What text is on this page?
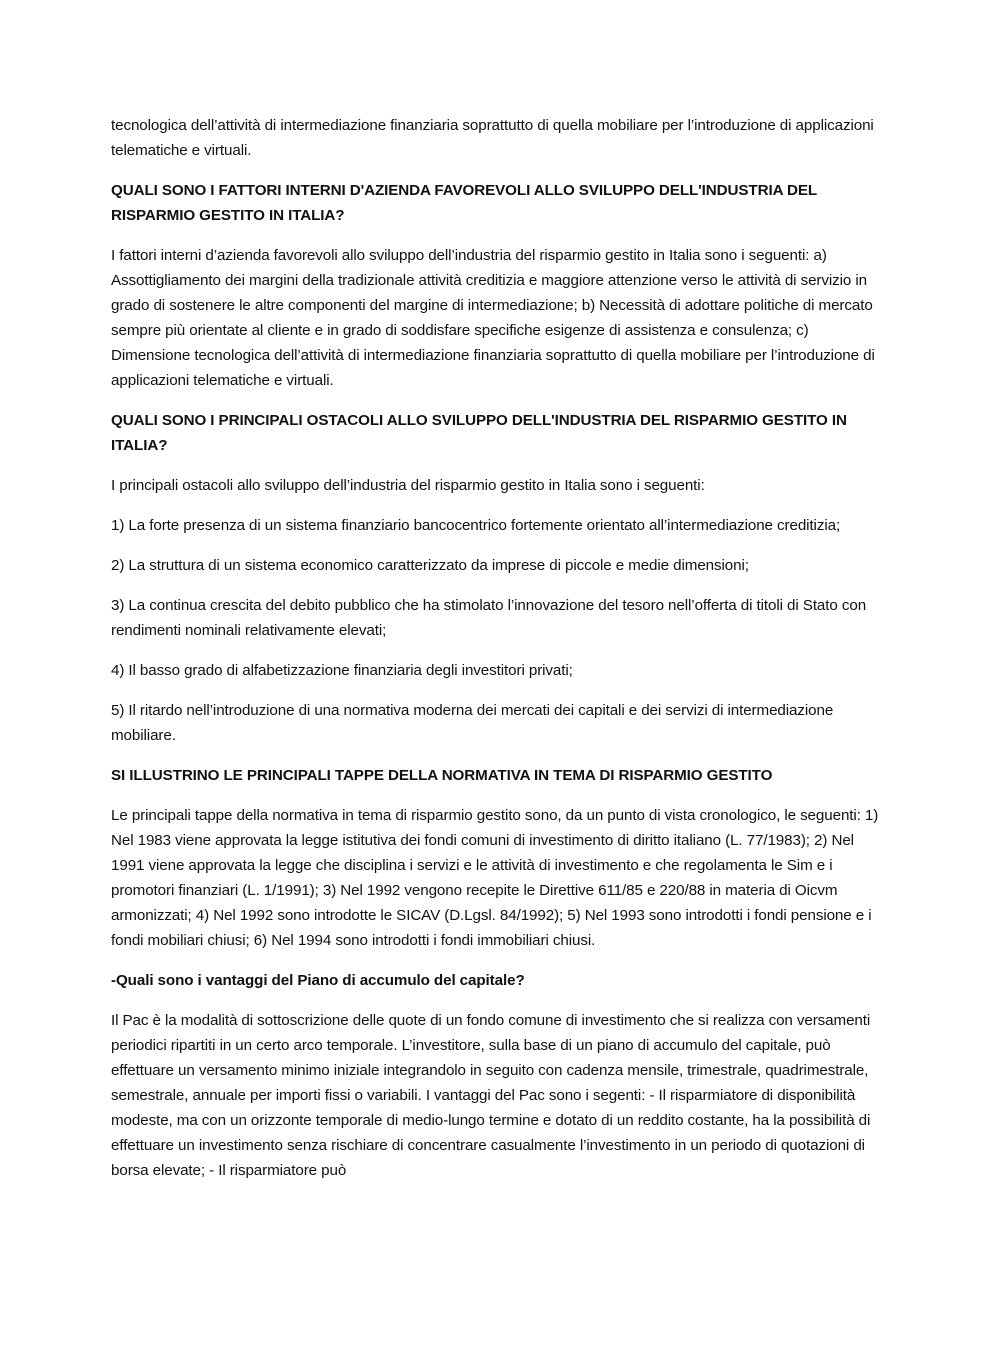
tecnologica dell’attività di intermediazione finanziaria soprattutto di quella mobiliare per l’introduzione di applicazioni telematiche e virtuali.

QUALI SONO I FATTORI INTERNI D'AZIENDA FAVOREVOLI ALLO SVILUPPO DELL'INDUSTRIA DEL RISPARMIO GESTITO IN ITALIA?

I fattori interni d’azienda favorevoli allo sviluppo dell’industria del risparmio gestito in Italia sono i seguenti: a) Assottigliamento dei margini della tradizionale attività creditizia e maggiore attenzione verso le attività di servizio in grado di sostenere le altre componenti del margine di intermediazione; b) Necessità di adottare politiche di mercato sempre più orientate al cliente e in grado di soddisfare specifiche esigenze di assistenza e consulenza; c) Dimensione tecnologica dell’attività di intermediazione finanziaria soprattutto di quella mobiliare per l’introduzione di applicazioni telematiche e virtuali.

QUALI SONO I PRINCIPALI OSTACOLI ALLO SVILUPPO DELL'INDUSTRIA DEL RISPARMIO GESTITO IN ITALIA?

I principali ostacoli allo sviluppo dell’industria del risparmio gestito in Italia sono i seguenti:

1) La forte presenza di un sistema finanziario bancocentrico fortemente orientato all’intermediazione creditizia;

2) La struttura di un sistema economico caratterizzato da imprese di piccole e medie dimensioni;

3) La continua crescita del debito pubblico che ha stimolato l’innovazione del tesoro nell’offerta di titoli di Stato con rendimenti nominali relativamente elevati;

4) Il basso grado di alfabetizzazione finanziaria degli investitori privati;

5) Il ritardo nell’introduzione di una normativa moderna dei mercati dei capitali e dei servizi di intermediazione mobiliare.

SI ILLUSTRINO LE PRINCIPALI TAPPE DELLA NORMATIVA IN TEMA DI RISPARMIO GESTITO

Le principali tappe della normativa in tema di risparmio gestito sono, da un punto di vista cronologico, le seguenti: 1) Nel 1983 viene approvata la legge istitutiva dei fondi comuni di investimento di diritto italiano (L. 77/1983); 2) Nel 1991 viene approvata la legge che disciplina i servizi e le attività di investimento e che regolamenta le Sim e i promotori finanziari (L. 1/1991); 3) Nel 1992 vengono recepite le Direttive 611/85 e 220/88 in materia di Oicvm armonizzati; 4) Nel 1992 sono introdotte le SICAV (D.Lgsl. 84/1992); 5) Nel 1993 sono introdotti i fondi pensione e i fondi mobiliari chiusi; 6) Nel 1994 sono introdotti i fondi immobiliari chiusi.

-Quali sono i vantaggi del Piano di accumulo del capitale?

Il Pac è la modalità di sottoscrizione delle quote di un fondo comune di investimento che si realizza con versamenti periodici ripartiti in un certo arco temporale. L’investitore, sulla base di un piano di accumulo del capitale, può effettuare un versamento minimo iniziale integrandolo in seguito con cadenza mensile, trimestrale, quadrimestrale, semestrale, annuale per importi fissi o variabili. I vantaggi del Pac sono i segenti: - Il risparmiatore di disponibilità modeste, ma con un orizzonte temporale di medio-lungo termine e dotato di un reddito costante, ha la possibilità di effettuare un investimento senza rischiare di concentrare casualmente l’investimento in un periodo di quotazioni di borsa elevate; - Il risparmiatore può
